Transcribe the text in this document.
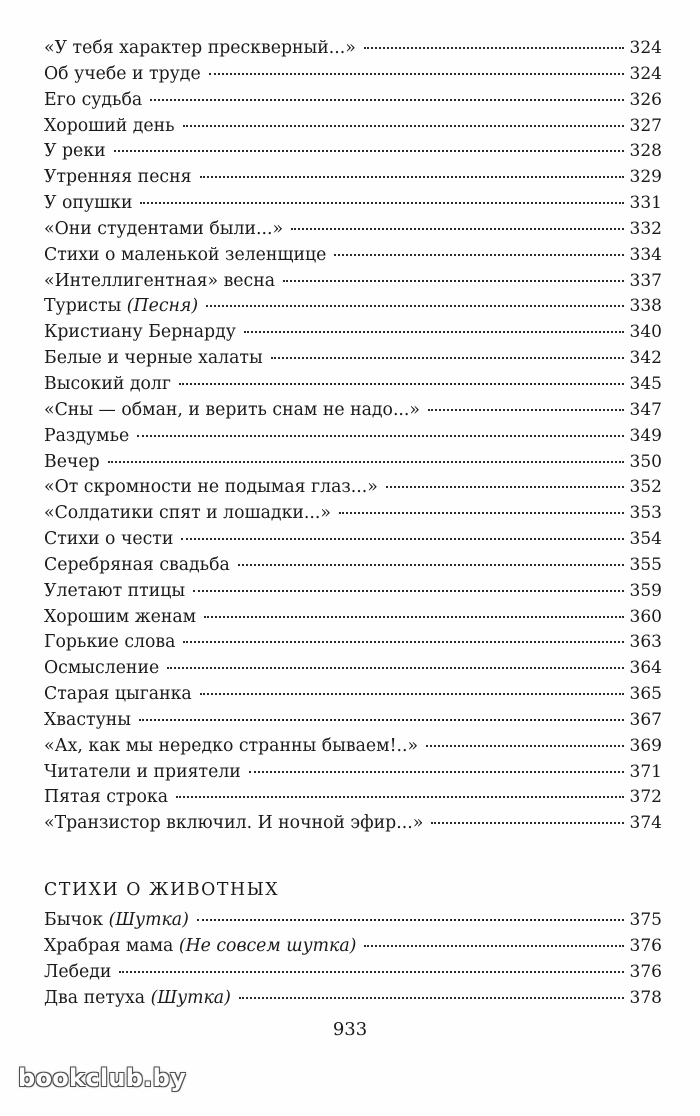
«У тебя характер прескверный...»	324
Об учебе и труде	324
Его судьба	326
Хороший день	327
У реки	328
Утренняя песня	329
У опушки	331
«Они студентами были...»	332
Стихи о маленькой зеленщице	334
«Интеллигентная» весна	337
Туристы (Песня)	338
Кристиану Бернарду	340
Белые и черные халаты	342
Высокий долг	345
«Сны — обман, и верить снам не надо...»	347
Раздумье	349
Вечер	350
«От скромности не подымая глаз...»	352
«Солдатики спят и лошадки...»	353
Стихи о чести	354
Серебряная свадьба	355
Улетают птицы	359
Хорошим женам	360
Горькие слова	363
Осмысление	364
Старая цыганка	365
Хвастуны	367
«Ах, как мы нередко странны бываем!..»	369
Читатели и приятели	371
Пятая строка	372
«Транзистор включил. И ночной эфир...»	374
СТИХИ О ЖИВОТНЫХ
Бычок (Шутка)	375
Храбрая мама (Не совсем шутка)	376
Лебеди	376
Два петуха (Шутка)	378
933
bookclub.by
